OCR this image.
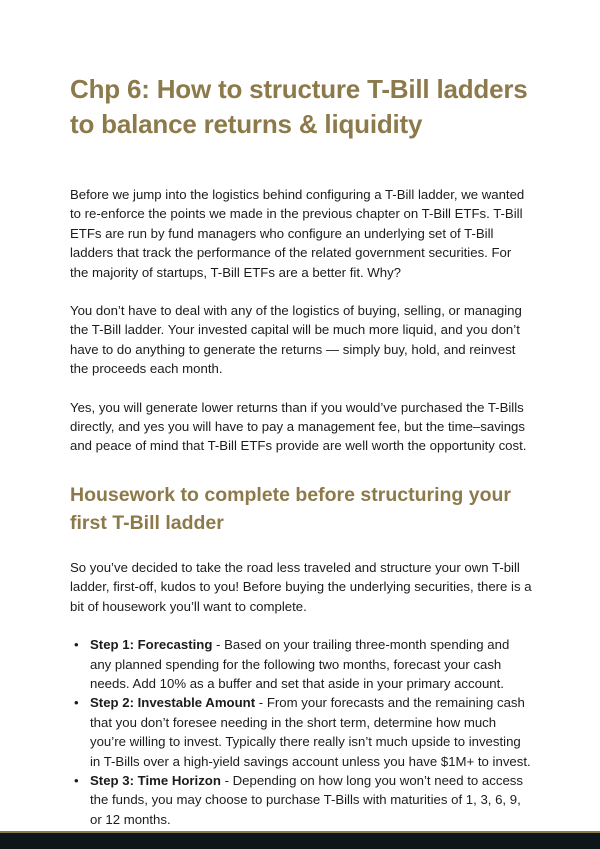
Chp 6: How to structure T-Bill ladders
to balance returns & liquidity

Before we jump into the logistics behind configuring a T-Bill ladder, we wanted to re-enforce the points we made in the previous chapter on T-Bill ETFs. T-Bill ETFs are run by fund managers who configure an underlying set of T-Bill ladders that track the performance of the related government securities. For the majority of startups, T-Bill ETFs are a better fit. Why?

You don’t have to deal with any of the logistics of buying, selling, or managing the T-Bill ladder. Your invested capital will be much more liquid, and you don’t have to do anything to generate the returns — simply buy, hold, and reinvest the proceeds each month.

Yes, you will generate lower returns than if you would’ve purchased the T-Bills directly, and yes you will have to pay a management fee, but the time–savings and peace of mind that T-Bill ETFs provide are well worth the opportunity cost.

Housework to complete before structuring your
first T-Bill ladder

So you’ve decided to take the road less traveled and structure your own T-bill ladder, first-off, kudos to you! Before buying the underlying securities, there is a bit of housework you’ll want to complete.

• Step 1: Forecasting - Based on your trailing three-month spending and any planned spending for the following two months, forecast your cash needs. Add 10% as a buffer and set that aside in your primary account.
• Step 2: Investable Amount - From your forecasts and the remaining cash that you don’t foresee needing in the short term, determine how much you’re willing to invest. Typically there really isn’t much upside to investing in T-Bills over a high-yield savings account unless you have $1M+ to invest.
• Step 3: Time Horizon - Depending on how long you won’t need to access the funds, you may choose to purchase T-Bills with maturities of 1, 3, 6, 9, or 12 months.
